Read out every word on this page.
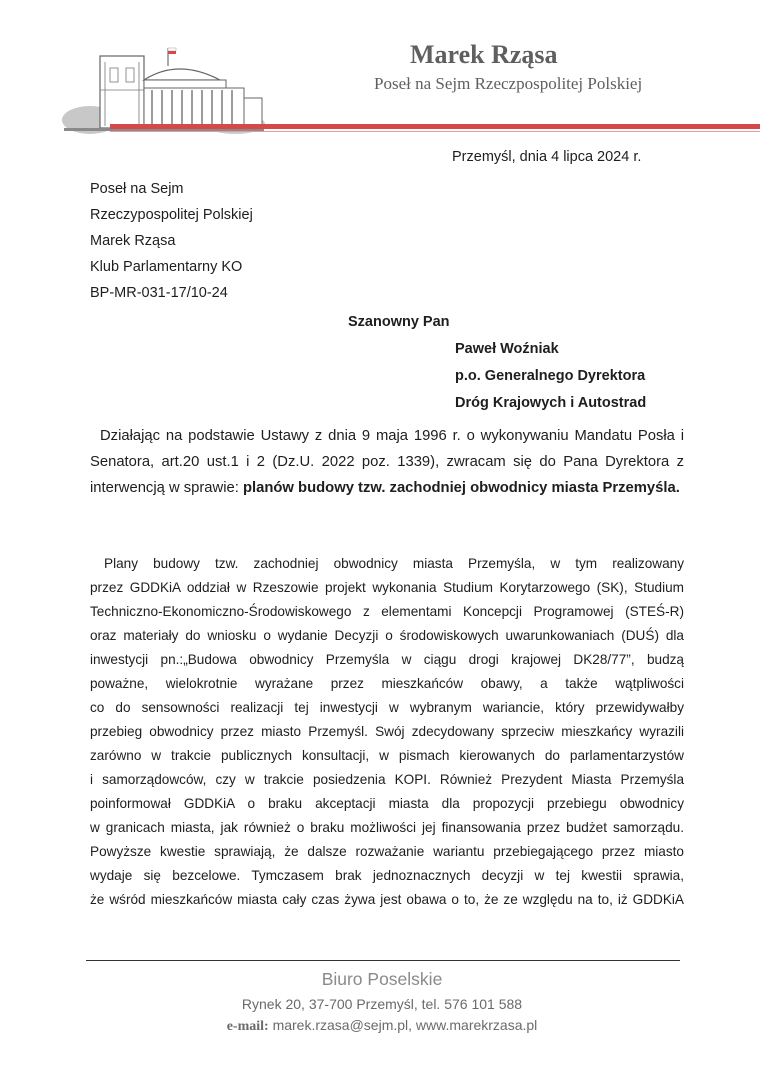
Marek Rząsa
Poseł na Sejm Rzeczpospolitej Polskiej
Przemyśl, dnia 4 lipca 2024 r.
Poseł na Sejm
Rzeczypospolitej Polskiej
Marek Rząsa
Klub Parlamentarny KO
BP-MR-031-17/10-24
Szanowny Pan
Paweł Woźniak
p.o. Generalnego Dyrektora
Dróg Krajowych i Autostrad
Działając na podstawie Ustawy z dnia 9 maja 1996 r. o wykonywaniu Mandatu Posła i Senatora, art.20 ust.1 i 2 (Dz.U. 2022 poz. 1339), zwracam się do Pana Dyrektora z interwencją w sprawie: planów budowy tzw. zachodniej obwodnicy miasta Przemyśla.
Plany budowy tzw. zachodniej obwodnicy miasta Przemyśla, w tym realizowany
przez GDDKiA oddział w Rzeszowie projekt wykonania Studium Korytarzowego (SK), Studium
Techniczno-Ekonomiczno-Środowiskowego z elementami Koncepcji Programowej (STEŚ-R)
oraz materiały do wniosku o wydanie Decyzji o środowiskowych uwarunkowaniach (DUŚ) dla
inwestycji pn.:„Budowa obwodnicy Przemyśla w ciągu drogi krajowej DK28/77”, budzą
poważne, wielokrotnie wyrażane przez mieszkańców obawy, a także wątpliwości
co do sensowności realizacji tej inwestycji w wybranym wariancie, który przewidywałby
przebieg obwodnicy przez miasto Przemyśl. Swój zdecydowany sprzeciw mieszkańcy wyrazili
zarówno w trakcie publicznych konsultacji, w pismach kierowanych do parlamentarzystów
i samorządowców, czy w trakcie posiedzenia KOPI. Również Prezydent Miasta Przemyśla
poinformował GDDKiA o braku akceptacji miasta dla propozycji przebiegu obwodnicy
w granicach miasta, jak również o braku możliwości jej finansowania przez budżet samorządu.
Powyższe kwestie sprawiają, że dalsze rozważanie wariantu przebiegającego przez miasto
wydaje się bezcelowe. Tymczasem brak jednoznacznych decyzji w tej kwestii sprawia,
że wśród mieszkańców miasta cały czas żywa jest obawa o to, że ze względu na to, iż GDDKiA
Biuro Poselskie
Rynek 20, 37-700 Przemyśl, tel. 576 101 588
e-mail: marek.rzasa@sejm.pl, www.marekrzasa.pl
